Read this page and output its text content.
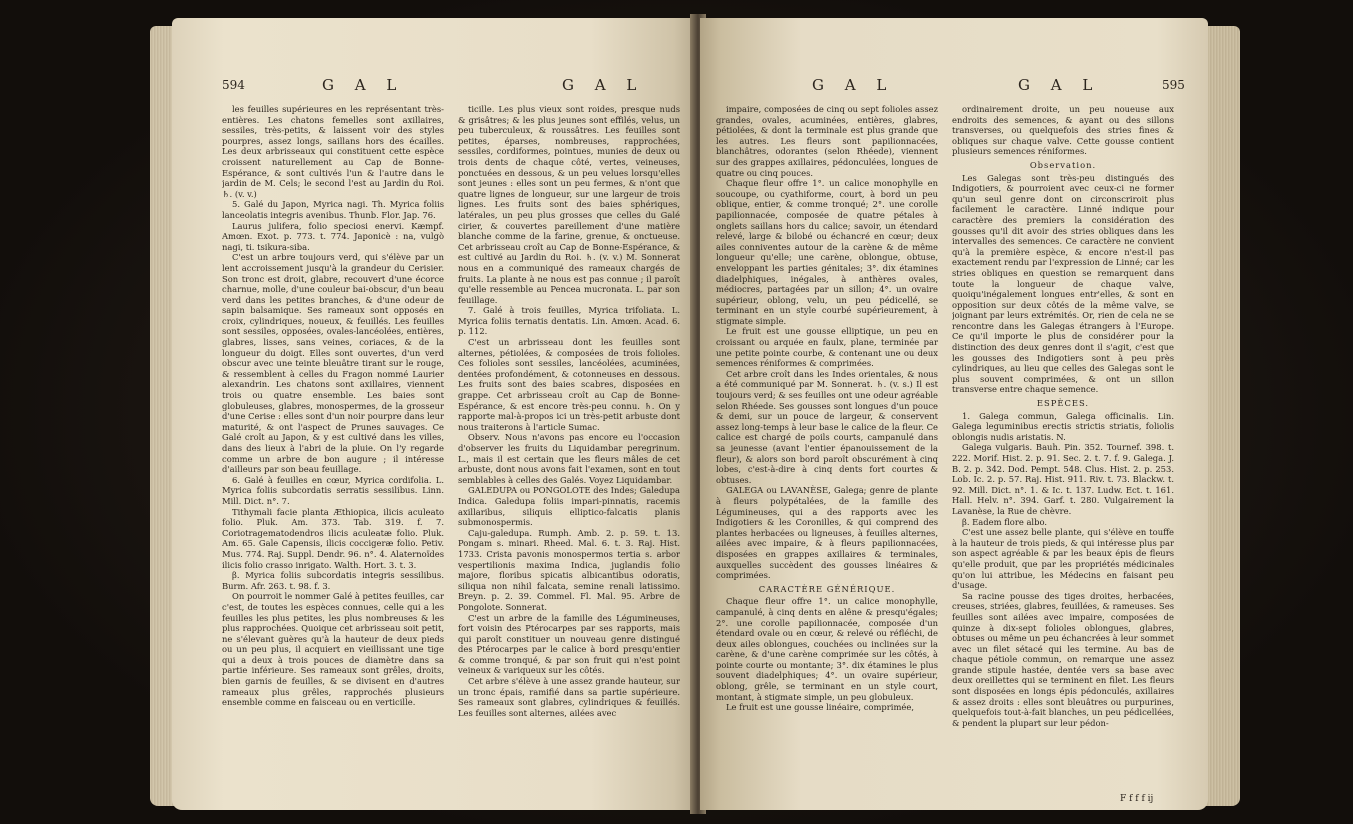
594	G A L	G A L

les feuilles supérieures en les représentant très-entières. Les chatons femelles sont axillaires, sessiles, très-petits, & laissent voir des styles pourpres, assez longs, saillans hors des écailles. Les deux arbrisseaux qui constituent cette espèce croissent naturellement au Cap de Bonne-Espérance, & sont cultivés l'un & l'autre dans le jardin de M. Cels; le second l'est au Jardin du Roi. ♄. (v. v.)

5. Galé du Japon, Myrica nagi. Th. Myrica foliis lanceolatis integris avenibus. Thunb. Flor. Jap. 76.

Laurus julifera, folio speciosi enervi. Kæmpf. Amœn. Exot. p. 773. t. 774. Japonicè : na, vulgò nagi, ti. tsikura-siba.

C'est un arbre toujours verd, qui s'élève par un lent accroissement jusqu'à la grandeur du Cerisier. Son tronc est droit, glabre, recouvert d'une écorce charnue, molle, d'une couleur bai-obscur, d'un beau verd dans les petites branches, & d'une odeur de sapin balsamique. Ses rameaux sont opposés en croix, cylindriques, noueux, & feuillés. Les feuilles sont sessiles, opposées, ovales-lancéolées, entières, glabres, lisses, sans veines, coriaces, & de la longueur du doigt. Elles sont ouvertes, d'un verd obscur avec une teinte bleuâtre tirant sur le rouge, & ressemblent à celles du Fragon nommé Laurier alexandrin. Les chatons sont axillaires, viennent trois ou quatre ensemble. Les baies sont globuleuses, glabres, monospermes, de la grosseur d'une Cerise : elles sont d'un noir pourpre dans leur maturité, & ont l'aspect de Prunes sauvages. Ce Galé croît au Japon, & y est cultivé dans les villes, dans des lieux à l'abri de la pluie. On l'y regarde comme un arbre de bon augure ; il intéresse d'ailleurs par son beau feuillage.

6. Galé à feuilles en cœur, Myrica cordifolia. L. Myrica foliis subcordatis serratis sessilibus. Linn. Mill. Dict. n°. 7.

Tithymali facie planta Æthiopica, ilicis aculeato folio. Pluk. Am. 373. Tab. 319. f. 7. Coriotragematodendros ilicis aculeatæ folio. Pluk. Am. 65. Gale Capensis, ilicis coccigeræ folio. Petiv. Mus. 774. Raj. Suppl. Dendr. 96. n°. 4. Alaternoïdes ilicis folio crasso inrigato. Walth. Hort. 3. t. 3.

β. Myrica foliis subcordatis integris sessilibus. Burm. Afr. 263. t. 98. f. 3.

On pourroit le nommer Galé à petites feuilles, car c'est, de toutes les espèces connues, celle qui a les feuilles les plus petites, les plus nombreuses & les plus rapprochées. Quoique cet arbrisseau soit petit, ne s'élevant guères qu'à la hauteur de deux pieds ou un peu plus, il acquiert en vieillissant une tige qui a deux à trois pouces de diamètre dans sa partie inférieure. Ses rameaux sont grêles, droits, bien garnis de feuilles, & se divisent en d'autres rameaux plus grêles, rapprochés plusieurs ensemble comme en faisceau ou en verticille.

ticille. Les plus vieux sont roides, presque nuds & grisâtres; & les plus jeunes sont effilés, velus, un peu tuberculeux, & roussâtres. Les feuilles sont petites, éparses, nombreuses, rapprochées, sessiles, cordiformes, pointues, munies de deux ou trois dents de chaque côté, vertes, veineuses, ponctuées en dessous, & un peu velues lorsqu'elles sont jeunes : elles sont un peu fermes, & n'ont que quatre lignes de longueur, sur une largeur de trois lignes. Les fruits sont des baies sphériques, latérales, un peu plus grosses que celles du Galé cirier, & couvertes pareillement d'une matière blanche comme de la farine, grenue, & onctueuse. Cet arbrisseau croît au Cap de Bonne-Espérance, & est cultivé au Jardin du Roi. ♄. (v. v.) M. Sonnerat nous en a communiqué des rameaux chargés de fruits. La plante à ne nous est pas connue ; il paroît qu'elle ressemble au Pencea mucronata. L. par son feuillage.

7. Galé à trois feuilles, Myrica trifoliata. L. Myrica foliis ternatis dentatis. Lin. Amœn. Acad. 6. p. 112.

C'est un arbrisseau dont les feuilles sont alternes, pétiolées, & composées de trois folioles. Ces folioles sont sessiles, lancéolées, acuminées, dentées profondément, & cotonneuses en dessous. Les fruits sont des baies scabres, disposées en grappe. Cet arbrisseau croît au Cap de Bonne-Espérance, & est encore très-peu connu. ♄. On y rapporte mal-à-propos ici un très-petit arbuste dont nous traiterons à l'article Sumac.

Observ. Nous n'avons pas encore eu l'occasion d'observer les fruits du Liquidambar peregrinum. L., mais il est certain que les fleurs mâles de cet arbuste, dont nous avons fait l'examen, sont en tout semblables à celles des Galés. Voyez Liquidambar.

GALEDUPA ou PONGOLOTE des Indes; Galedupa Indica. Galedupa foliis impari-pinnatis, racemis axillaribus, siliquis elliptico-falcatis planis submonospermis.

Caju-galedupa. Rumph. Amb. 2. p. 59. t. 13. Pongam s. minari. Rheed. Mal. 6. t. 3. Raj. Hist. 1733. Crista pavonis monospermos tertia s. arbor vespertilionis maxima Indica, juglandis folio majore, floribus spicatis albicantibus odoratis, siliqua non nihil falcata, semine renali latissimo. Breyn. p. 2. 39. Commel. Fl. Mal. 95. Arbre de Pongolote. Sonnerat.

C'est un arbre de la famille des Légumineuses, fort voisin des Ptérocarpes par ses rapports, mais qui paroît constituer un nouveau genre distingué des Ptérocarpes par le calice à bord presqu'entier & comme tronqué, & par son fruit qui n'est point veineux & variqueux sur les côtés.

Cet arbre s'élève à une assez grande hauteur, sur un tronc épais, ramifié dans sa partie supérieure. Ses rameaux sont glabres, cylindriques & feuillés. Les feuilles sont alternes, ailées avec

G A L	G A L	595

impaire, composées de cinq ou sept folioles assez grandes, ovales, acuminées, entières, glabres, pétiolées, & dont la terminale est plus grande que les autres. Les fleurs sont papilionnacées, blanchâtres, odorantes (selon Rhéede), viennent sur des grappes axillaires, pédonculées, longues de quatre ou cinq pouces.

Chaque fleur offre 1°. un calice monophylle en soucoupe, ou cyathiforme, court, à bord un peu oblique, entier, & comme tronqué; 2°. une corolle papilionnacée, composée de quatre pétales à onglets saillans hors du calice; savoir, un étendard relevé, large & bilobé ou échancré en cœur; deux ailes conniventes autour de la carène & de même longueur qu'elle; une carène, oblongue, obtuse, enveloppant les parties génitales; 3°. dix étamines diadelphiques, inégales, à anthères ovales, médiocres, partagées par un sillon; 4°. un ovaire supérieur, oblong, velu, un peu pédicellé, se terminant en un style courbé supérieurement, à stigmate simple.

Le fruit est une gousse elliptique, un peu en croissant ou arquée en faulx, plane, terminée par une petite pointe courbe, & contenant une ou deux semences réniformes & comprimées.

Cet arbre croît dans les Indes orientales, & nous a été communiqué par M. Sonnerat. ♄. (v. s.) Il est toujours verd; & ses feuilles ont une odeur agréable selon Rhéede. Ses gousses sont longues d'un pouce & demi, sur un pouce de largeur, & conservent assez long-temps à leur base le calice de la fleur. Ce calice est chargé de poils courts, campanulé dans sa jeunesse (avant l'entier épanouissement de la fleur), & alors son bord paroît obscurément à cinq lobes, c'est-à-dire à cinq dents fort courtes & obtuses.

GALEGA ou LAVANÈSE, Galega; genre de plante à fleurs polypétalées, de la famille des Légumineuses, qui a des rapports avec les Indigotiers & les Coronilles, & qui comprend des plantes herbacées ou ligneuses, à feuilles alternes, ailées avec impaire, & à fleurs papilionnacées, disposées en grappes axillaires & terminales, auxquelles succèdent des gousses linéaires & comprimées.

CARACTÈRE GÉNÉRIQUE.

Chaque fleur offre 1°. un calice monophylle, campanulé, à cinq dents en alêne & presqu'égales; 2°. une corolle papilionnacée, composée d'un étendard ovale ou en cœur, & relevé ou réfléchi, de deux ailes oblongues, couchées ou inclinées sur la carène, & d'une carène comprimée sur les côtés, à pointe courte ou montante; 3°. dix étamines le plus souvent diadelphiques; 4°. un ovaire supérieur, oblong, grêle, se terminant en un style court, montant, à stigmate simple, un peu globuleux.

Le fruit est une gousse linéaire, comprimée,

ordinairement droite, un peu noueuse aux endroits des semences, & ayant ou des sillons transverses, ou quelquefois des stries fines & obliques sur chaque valve. Cette gousse contient plusieurs semences réniformes.

Observation.

Les Galegas sont très-peu distingués des Indigotiers, & pourroient avec ceux-ci ne former qu'un seul genre dont on circonscriroit plus facilement le caractère. Linné indique pour caractère des premiers la considération des gousses qu'il dit avoir des stries obliques dans les intervalles des semences. Ce caractère ne convient qu'à la première espèce, & encore n'est-il pas exactement rendu par l'expression de Linné; car les stries obliques en question se remarquent dans toute la longueur de chaque valve, quoiqu'inégalement longues entr'elles, & sont en opposition sur deux côtés de la même valve, se joignant par leurs extrémités. Or, rien de cela ne se rencontre dans les Galegas étrangers à l'Europe. Ce qu'il importe le plus de considérer pour la distinction des deux genres dont il s'agit, c'est que les gousses des Indigotiers sont à peu près cylindriques, au lieu que celles des Galegas sont le plus souvent comprimées, & ont un sillon transverse entre chaque semence.

ESPÈCES.

1. Galega commun, Galega officinalis. Lin. Galega leguminibus erectis strictis striatis, foliolis oblongis nudis aristatis. N.

Galega vulgaris. Bauh. Pin. 352. Tournef. 398. t. 222. Morif. Hist. 2. p. 91. Sec. 2. t. 7. f. 9. Galega. J. B. 2. p. 342. Dod. Pempt. 548. Clus. Hist. 2. p. 253. Lob. Ic. 2. p. 57. Raj. Hist. 911. Riv. t. 73. Blackw. t. 92. Mill. Dict. n°. 1. & Ic. t. 137. Ludw. Ect. t. 161. Hall. Helv. n°. 394. Garf. t. 280. Vulgairement la Lavanèse, la Rue de chèvre.

β. Eadem flore albo.

C'est une assez belle plante, qui s'élève en touffe à la hauteur de trois pieds, & qui intéresse plus par son aspect agréable & par les beaux épis de fleurs qu'elle produit, que par les propriétés médicinales qu'on lui attribue, les Médecins en faisant peu d'usage.

Sa racine pousse des tiges droites, herbacées, creuses, striées, glabres, feuillées, & rameuses. Ses feuilles sont ailées avec impaire, composées de quinze à dix-sept folioles oblongues, glabres, obtuses ou même un peu échancrées à leur sommet avec un filet sétacé qui les termine. Au bas de chaque pétiole commun, on remarque une assez grande stipule hastée, dentée vers sa base avec deux oreillettes qui se terminent en filet. Les fleurs sont disposées en longs épis pédonculés, axillaires & assez droits : elles sont bleuâtres ou purpurines, quelquefois tout-à-fait blanches, un peu pédicellées, & pendent la plupart sur leur pédon-

F f f f ij
